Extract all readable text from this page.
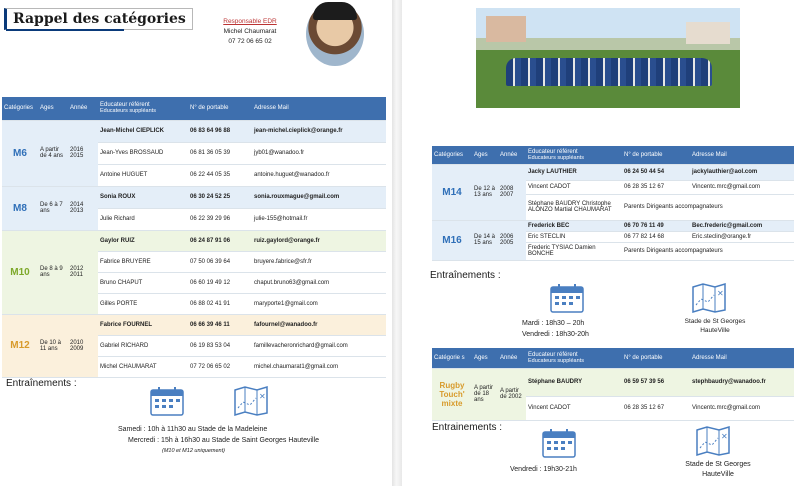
Rappel des catégories	Responsable EDR
Michel Chaumarat
07 72 06 65 02
Catégories	Ages	Année	Educateur référent
Educateurs suppléants	N° de portable	Adresse Mail
M6	A partir de 4 ans	2016 2015	Jean-Michel CIEPLICK	06 83 64 96 88	jean-michel.cieplick@orange.fr
			Jean-Yves BROSSAUD	06 81 36 05 39	jyb01@wanadoo.fr
			Antoine HUGUET	06 22 44 05 35	antoine.huguet@wanadoo.fr
M8	De 6 à 7 ans	2014 2013	Sonia ROUX	06 30 24 52 25	sonia.rouxmague@gmail.com
			Julie Richard	06 22 39 29 96	julie-155@hotmail.fr
M10	De 8 à 9 ans	2012 2011	Gaylor RUIZ	06 24 87 91 06	ruiz.gaylord@orange.fr
			Fabrice BRUYERE	07 50 06 39 64	bruyere.fabrice@sfr.fr
			Bruno CHAPUT	06 60 19 49 12	chaput.bruno63@gmail.com
			Gilles PORTE	06 88 02 41 91	maryporte1@gmail.com
M12	De 10 à 11 ans	2010 2009	Fabrice FOURNEL	06 66 39 46 11	fafournel@wanadoo.fr
			Gabriel RICHARD	06 19 83 53 04	famillevacheronrichard@gmail.com
			Michel CHAUMARAT	07 72 06 65 02	michel.chaumarat1@gmail.com
Entraînements :
✕
Samedi : 10h à 11h30 au Stade de la Madeleine
Mercredi : 15h à 16h30 au Stade de Saint Georges Hauteville
(M10 et M12 uniquement)
Catégories	Ages	Année	Educateur référent
Educateurs suppléants	N° de portable	Adresse Mail
M14	De 12 à 13 ans	2008 2007	Jacky LAUTHIER	06 24 50 44 54	jackylauthier@aol.com
			Vincent CADOT	06 28 35 12 67	Vincentc.mrc@gmail.com
			Stéphane BAUDRY Christophe ALONZO Martial CHAUMARAT	Parents Dirigeants accompagnateurs	
M16	De 14 à 15 ans	2006 2005	Frederick BEC	06 70 76 11 49	Bec.frederic@gmail.com
			Eric STECLIN	06 77 82 14 68	Eric.steclin@orange.fr
			Frederic TYSIAC Damien BONCHE	Parents Dirigeants accompagnateurs	
Entraînements :
✕
Mardi : 18h30 – 20h
Vendredi : 18h30-20h
Stade de St Georges HauteVille
Catégorie s	Ages	Année	Educateur référent
Educateurs suppléants	N° de portable	Adresse Mail
Rugby Touch' mixte	A partir de 18 ans	A partir de 2002	Stéphane BAUDRY	06 59 57 39 56	stephbaudry@wanadoo.fr
			Vincent CADOT	06 28 35 12 67	Vincentc.mrc@gmail.com
Entrainements :
✕
Vendredi : 19h30-21h
Stade de St Georges HauteVille
